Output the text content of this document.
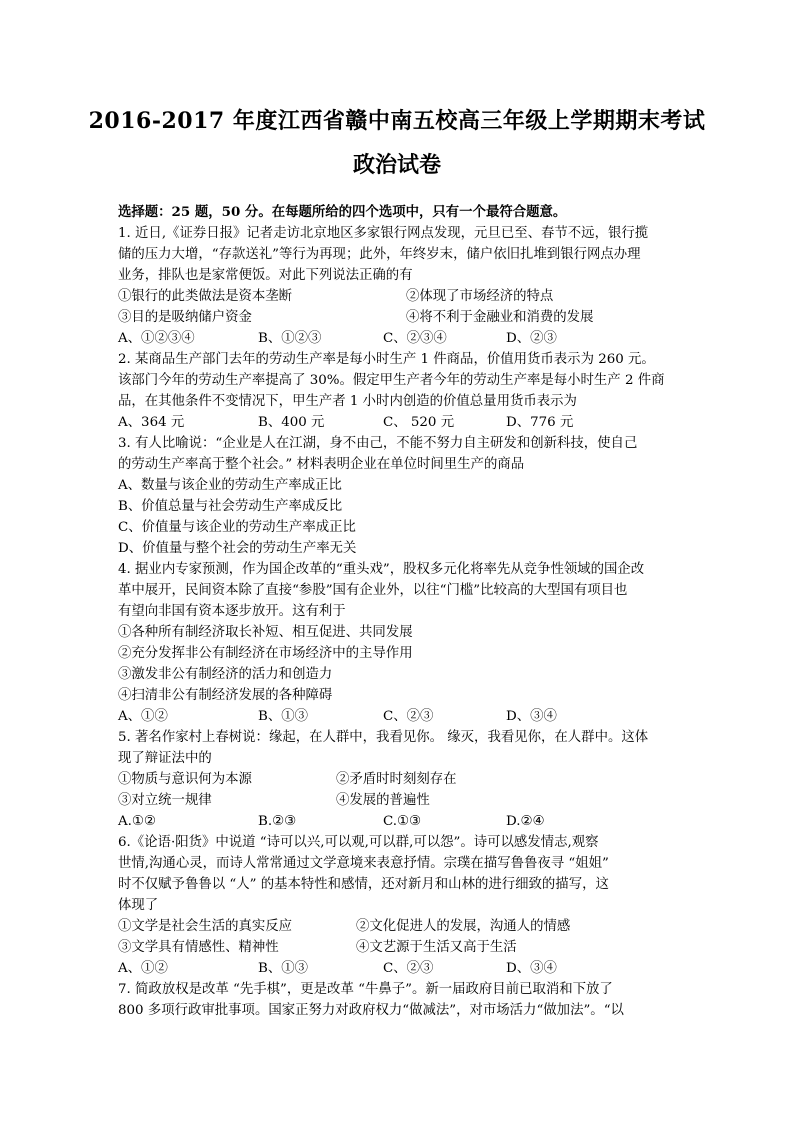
2016-2017 年度江西省赣中南五校高三年级上学期期末考试
政治试卷
选择题：25 题，50 分。在每题所给的四个选项中，只有一个最符合题意。
1. 近日,《证券日报》记者走访北京地区多家银行网点发现，元旦已至、春节不远，银行揽
储的压力大增，“存款送礼”等行为再现；此外，年终岁末，储户依旧扎堆到银行网点办理
业务，排队也是家常便饭。对此下列说法正确的有
①银行的此类做法是资本垄断	②体现了市场经济的特点
③目的是吸纳储户资金	④将不利于金融业和消费的发展
A、①②③④	B、①②③	C、②③④	D、②③
2. 某商品生产部门去年的劳动生产率是每小时生产 1 件商品，价值用货币表示为 260 元。
该部门今年的劳动生产率提高了 30%。假定甲生产者今年的劳动生产率是每小时生产 2 件商
品，在其他条件不变情况下，甲生产者 1 小时内创造的价值总量用货币表示为
A、364 元	B、400 元	C、 520 元	D、776 元
3. 有人比喻说：“企业是人在江湖，身不由己，不能不努力自主研发和创新科技，使自己
的劳动生产率高于整个社会。” 材料表明企业在单位时间里生产的商品
A、数量与该企业的劳动生产率成正比
B、价值总量与社会劳动生产率成反比
C、价值量与该企业的劳动生产率成正比
D、价值量与整个社会的劳动生产率无关
4. 据业内专家预测，作为国企改革的“重头戏”，股权多元化将率先从竞争性领域的国企改
革中展开，民间资本除了直接“参股”国有企业外，以往“门槛”比较高的大型国有项目也
有望向非国有资本逐步放开。这有利于
①各种所有制经济取长补短、相互促进、共同发展
②充分发挥非公有制经济在市场经济中的主导作用
③激发非公有制经济的活力和创造力
④扫清非公有制经济发展的各种障碍
A、①②	B、①③	C、②③	D、③④
5. 著名作家村上春树说：缘起，在人群中，我看见你。 缘灭，我看见你，在人群中。这体
现了辩证法中的
①物质与意识何为本源	②矛盾时时刻刻存在
③对立统一规律	④发展的普遍性
A.①②	B.②③	C.①③	D.②④
6.《论语·阳货》中说道 “诗可以兴,可以观,可以群,可以怨”。诗可以感发情志,观察
世情,沟通心灵，而诗人常常通过文学意境来表意抒情。宗璞在描写鲁鲁夜寻 “姐姐”
时不仅赋予鲁鲁以 “人” 的基本特性和感情，还对新月和山林的进行细致的描写，这
体现了
①文学是社会生活的真实反应	②文化促进人的发展，沟通人的情感
③文学具有情感性、精神性	④文艺源于生活又高于生活
A、①②	B、①③	C、②③	D、③④
7. 简政放权是改革 “先手棋”，更是改革 “牛鼻子”。新一届政府目前已取消和下放了
800 多项行政审批事项。国家正努力对政府权力“做减法”，对市场活力“做加法”。“以
